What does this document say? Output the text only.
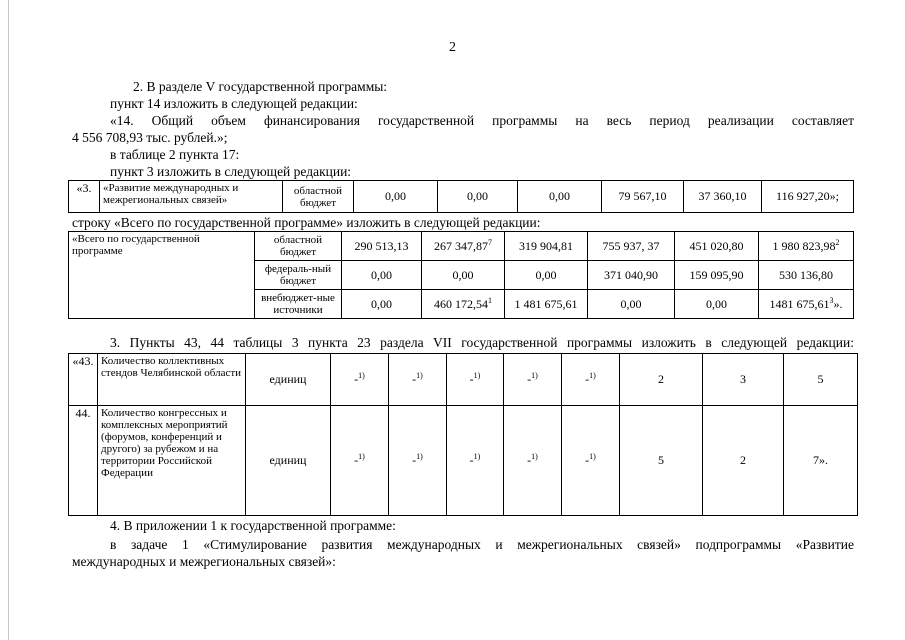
2
2. В разделе V государственной программы:
пункт 14 изложить в следующей редакции:
«14. Общий объем финансирования государственной программы на весь период реализации составляет
4 556 708,93 тыс. рублей.»;
в таблице 2 пункта 17:
пункт 3 изложить в следующей редакции:
«3.	«Развитие международных и межрегиональных связей»	областной бюджет	0,00	0,00	0,00	79 567,10	37 360,10	116 927,20»;
строку «Всего по государственной программе» изложить в следующей редакции:
«Всего по государственной программе	областной бюджет	290 513,13	267 347,87$^7$	319 904,81	755 937, 37	451 020,80	1 980 823,98$^2$
	федераль-ный бюджет	0,00	0,00	0,00	371 040,90	159 095,90	530 136,80
	внебюджет-ные источники	0,00	460 172,54$^1$	1 481 675,61	0,00	0,00	1481 675,61$^3$».
3. Пункты 43, 44 таблицы 3 пункта 23 раздела VII государственной программы изложить в следующей редакции:
«43.	Количество коллективных стендов Челябинской области	единиц	-$^{1)}$	-$^{1)}$	-$^{1)}$	-$^{1)}$	-$^{1)}$	2	3	5
44.	Количество конгрессных и комплексных мероприятий (форумов, конференций и другого) за рубежом и на территории Российской Федерации	единиц	-$^{1)}$	-$^{1)}$	-$^{1)}$	-$^{1)}$	-$^{1)}$	5	2	7».
4. В приложении 1 к государственной программе:
в задаче 1 «Стимулирование развития международных и межрегиональных связей» подпрограммы «Развитие
международных и межрегиональных связей»:
